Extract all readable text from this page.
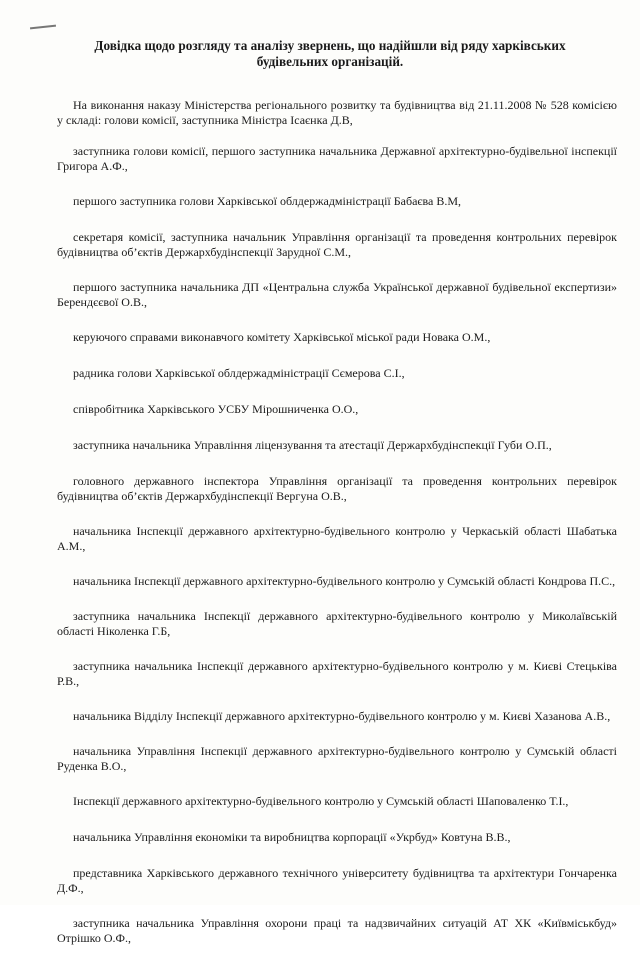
Довідка щодо розгляду та аналізу звернень, що надійшли від ряду харківських будівельних організацій.

На виконання наказу Міністерства регіонального розвитку та будівництва від 21.11.2008 № 528 комісією у складі: голови комісії, заступника Міністра Ісаєнка Д.В,

заступника голови комісії, першого заступника начальника Державної архітектурно-будівельної інспекції Григора А.Ф.,

першого заступника голови Харківської облдержадміністрації Бабаєва В.М,

секретаря комісії, заступника начальник Управління організації та проведення контрольних перевірок будівництва об’єктів Держархбудінспекції Зарудної С.М.,

першого заступника начальника ДП «Центральна служба Української державної будівельної експертизи» Берендєєвої О.В.,

керуючого справами виконавчого комітету Харківської міської ради Новака О.М.,

радника голови Харківської облдержадміністрації Сємерова С.І.,

співробітника Харківського УСБУ Мірошниченка О.О.,

заступника начальника Управління ліцензування та атестації Держархбудінспекції Губи О.П.,

головного державного інспектора Управління організації та проведення контрольних перевірок будівництва об’єктів Держархбудінспекції Вергуна О.В.,

начальника Інспекції державного архітектурно-будівельного контролю у Черкаській області Шабатька А.М.,

начальника Інспекції державного архітектурно-будівельного контролю у Сумській області Кондрова П.С.,

заступника начальника Інспекції державного архітектурно-будівельного контролю у Миколаївській області Ніколенка Г.Б,

заступника начальника Інспекції державного архітектурно-будівельного контролю у м. Києві Стецьківа Р.В.,

начальника Відділу Інспекції державного архітектурно-будівельного контролю у м. Києві Хазанова А.В.,

начальника Управління Інспекції державного архітектурно-будівельного контролю у Сумській області Руденка В.О.,

Інспекції державного архітектурно-будівельного контролю у Сумській області Шаповаленко Т.І.,

начальника Управління економіки та виробництва корпорації «Укрбуд» Ковтуна В.В.,

представника Харківського державного технічного університету будівництва та архітектури Гончаренка Д.Ф.,

заступника начальника Управління охорони праці та надзвичайних ситуацій АТ ХК «Київміськбуд» Отрішко О.Ф.,
